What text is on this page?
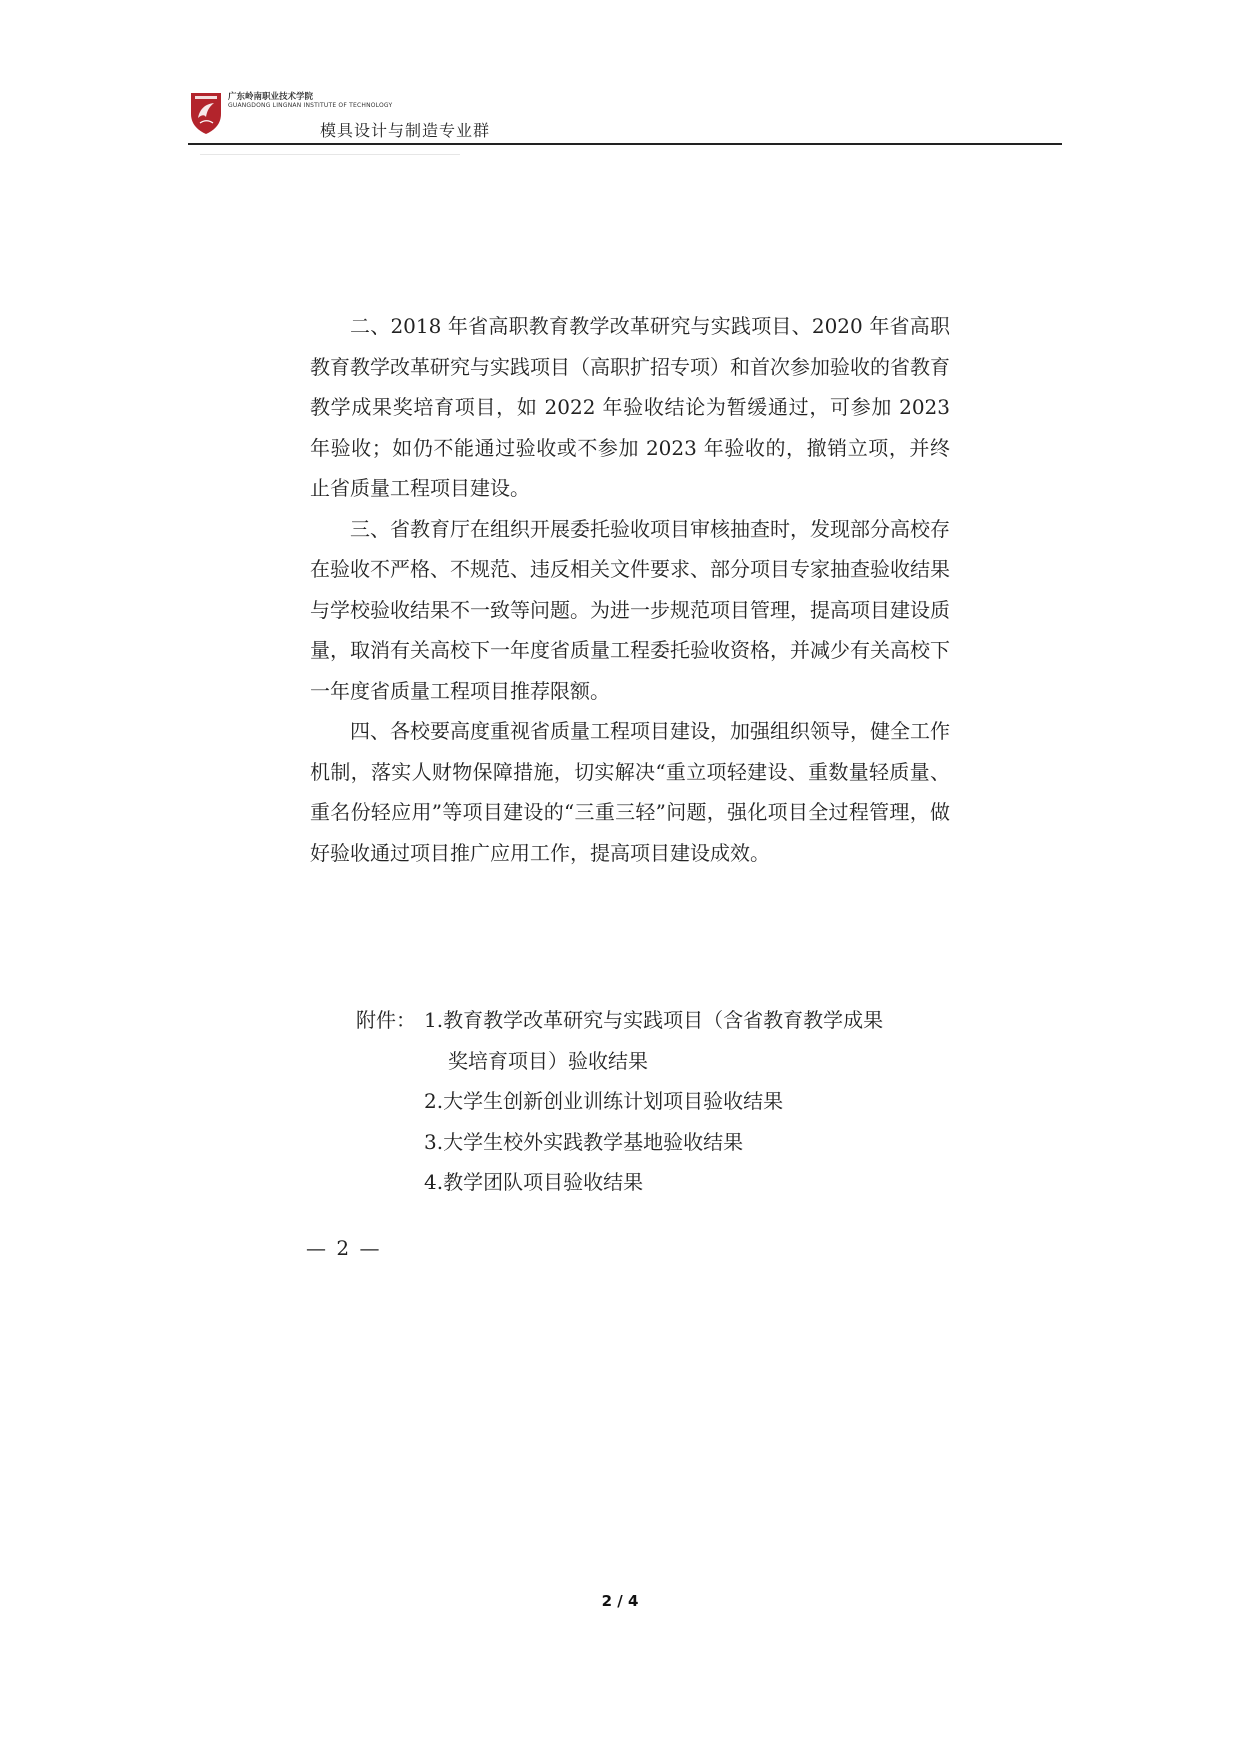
广东岭南职业技术学院
GUANGDONG LINGNAN INSTITUTE OF TECHNOLOGY
模具设计与制造专业群

二、2018 年省高职教育教学改革研究与实践项目、2020 年省高职教育教学改革研究与实践项目（高职扩招专项）和首次参加验收的省教育教学成果奖培育项目，如 2022 年验收结论为暂缓通过，可参加 2023 年验收；如仍不能通过验收或不参加 2023 年验收的，撤销立项，并终止省质量工程项目建设。

三、省教育厅在组织开展委托验收项目审核抽查时，发现部分高校存在验收不严格、不规范、违反相关文件要求、部分项目专家抽查验收结果与学校验收结果不一致等问题。为进一步规范项目管理，提高项目建设质量，取消有关高校下一年度省质量工程委托验收资格，并减少有关高校下一年度省质量工程项目推荐限额。

四、各校要高度重视省质量工程项目建设，加强组织领导，健全工作机制，落实人财物保障措施，切实解决“重立项轻建设、重数量轻质量、重名份轻应用”等项目建设的“三重三轻”问题，强化项目全过程管理，做好验收通过项目推广应用工作，提高项目建设成效。

附件： 1.教育教学改革研究与实践项目（含省教育教学成果
奖培育项目）验收结果
2.大学生创新创业训练计划项目验收结果
3.大学生校外实践教学基地验收结果
4.教学团队项目验收结果
— 2 —
2 / 4
